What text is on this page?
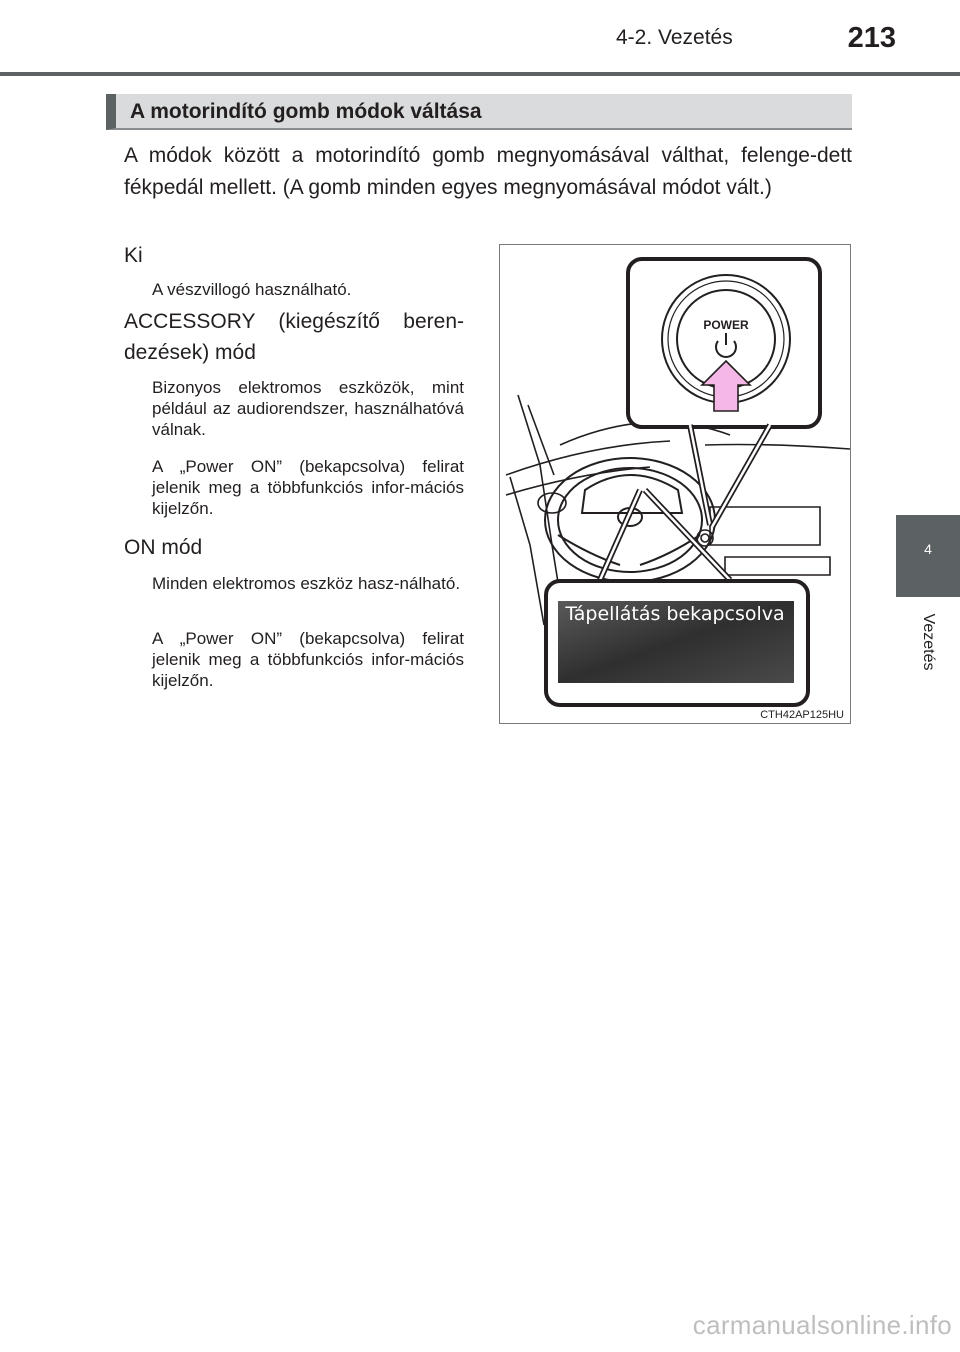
4-2. Vezetés	213
4
Vezetés
A motorindító gomb módok váltása
A módok között a motorindító gomb megnyomásával válthat, felenge-dett fékpedál mellett. (A gomb minden egyes megnyomásával módot vált.)
Ki
A vészvillogó használható.
ACCESSORY (kiegészítő beren-dezések) mód
Bizonyos elektromos eszközök, mint például az audiorendszer, használhatóvá válnak.
A „Power ON” (bekapcsolva) felirat jelenik meg a többfunkciós infor-mációs kijelzőn.
ON mód
Minden elektromos eszköz hasz-nálható.
A „Power ON” (bekapcsolva) felirat jelenik meg a többfunkciós infor-mációs kijelzőn.
POWER
Tápellátás bekapcsolva
CTH42AP125HU
carmanualsonline.info
